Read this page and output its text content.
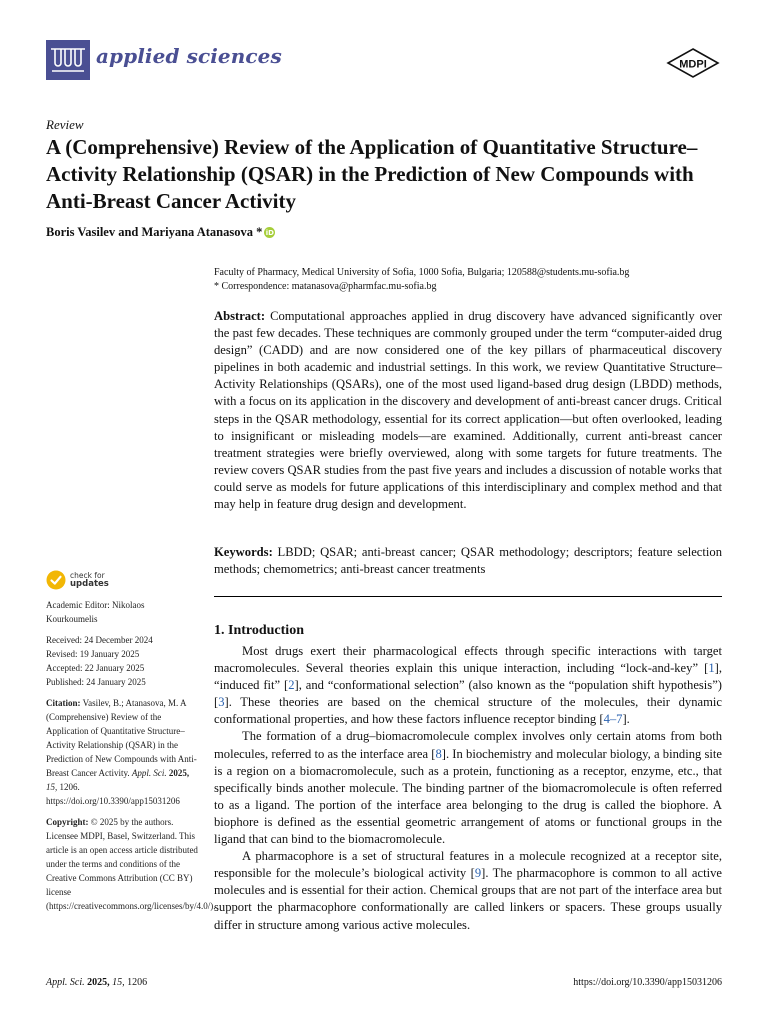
applied sciences	MDPI
Review
A (Comprehensive) Review of the Application of Quantitative Structure–Activity Relationship (QSAR) in the Prediction of New Compounds with Anti-Breast Cancer Activity
Boris Vasilev and Mariyana Atanasova * iD
Faculty of Pharmacy, Medical University of Sofia, 1000 Sofia, Bulgaria; 120588@students.mu-sofia.bg
* Correspondence: matanasova@pharmfac.mu-sofia.bg
Abstract: Computational approaches applied in drug discovery have advanced significantly over the past few decades. These techniques are commonly grouped under the term “computer-aided drug design” (CADD) and are now considered one of the key pillars of pharmaceutical discovery pipelines in both academic and industrial settings. In this work, we review Quantitative Structure–Activity Relationships (QSARs), one of the most used ligand-based drug design (LBDD) methods, with a focus on its application in the discovery and development of anti-breast cancer drugs. Critical steps in the QSAR methodology, essential for its correct application—but often overlooked, leading to insignificant or misleading models—are examined. Additionally, current anti-breast cancer treatment strategies were briefly overviewed, along with some targets for future treatments. The review covers QSAR studies from the past five years and includes a discussion of notable works that could serve as models for future applications of this interdisciplinary and complex method and that may help in feature drug design and development.
Keywords: LBDD; QSAR; anti-breast cancer; QSAR methodology; descriptors; feature selection methods; chemometrics; anti-breast cancer treatments
check for
updates
Academic Editor: Nikolaos Kourkoumelis
Received: 24 December 2024
Revised: 19 January 2025
Accepted: 22 January 2025
Published: 24 January 2025
Citation: Vasilev, B.; Atanasova, M. A (Comprehensive) Review of the Application of Quantitative Structure–Activity Relationship (QSAR) in the Prediction of New Compounds with Anti-Breast Cancer Activity. Appl. Sci. 2025, 15, 1206. https://doi.org/10.3390/app15031206
Copyright: © 2025 by the authors. Licensee MDPI, Basel, Switzerland. This article is an open access article distributed under the terms and conditions of the Creative Commons Attribution (CC BY) license (https://creativecommons.org/licenses/by/4.0/).
1. Introduction

Most drugs exert their pharmacological effects through specific interactions with target macromolecules. Several theories explain this unique interaction, including “lock-and-key” [1], “induced fit” [2], and “conformational selection” (also known as the “population shift hypothesis”) [3]. These theories are based on the chemical structure of the molecules, their dynamic conformational properties, and how these factors influence receptor binding [4–7].

The formation of a drug–biomacromolecule complex involves only certain atoms from both molecules, referred to as the interface area [8]. In biochemistry and molecular biology, a binding site is a region on a biomacromolecule, such as a protein, functioning as a receptor, enzyme, etc., that specifically binds another molecule. The binding partner of the biomacromolecule is often referred to as a ligand. The portion of the interface area belonging to the drug is called the biophore. A biophore is defined as the essential geometric arrangement of atoms or functional groups in the ligand that can bind to the biomacromolecule.

A pharmacophore is a set of structural features in a molecule recognized at a receptor site, responsible for the molecule’s biological activity [9]. The pharmacophore is common to all active molecules and is essential for their action. Chemical groups that are not part of the interface area but support the pharmacophore conformationally are called linkers or spacers. These groups usually differ in structure among various active molecules.

Appl. Sci. 2025, 15, 1206	https://doi.org/10.3390/app15031206
